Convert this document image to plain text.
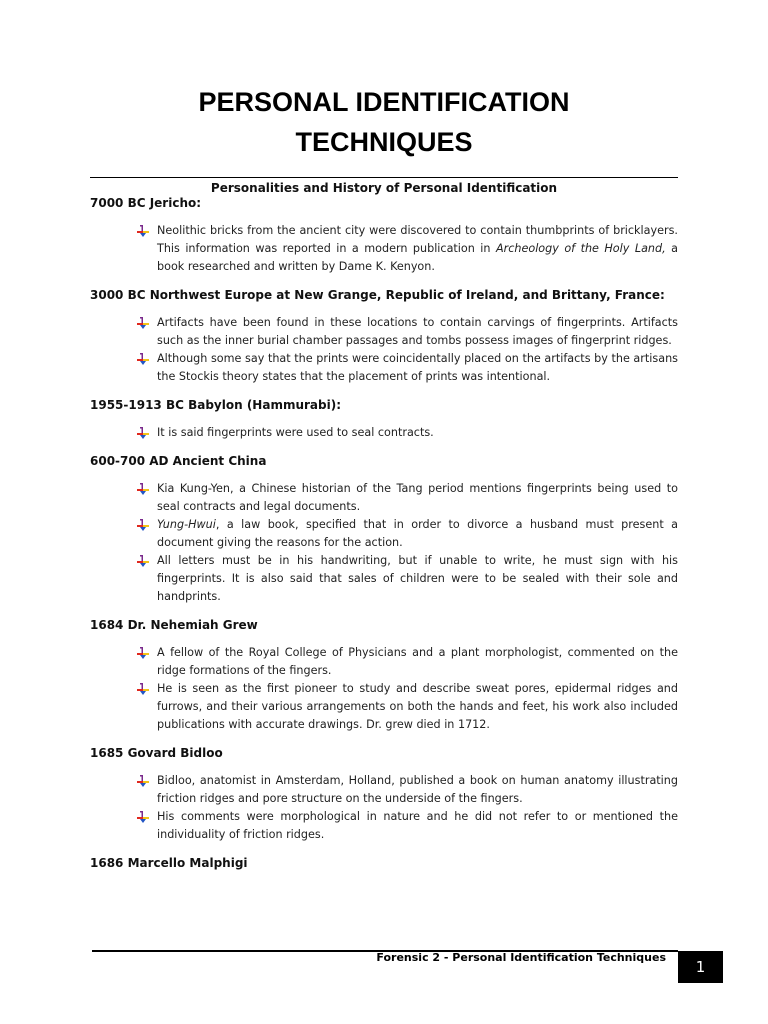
PERSONAL IDENTIFICATION
TECHNIQUES
Personalities and History of Personal Identification
7000 BC Jericho:
Neolithic bricks from the ancient city were discovered to contain thumbprints of bricklayers. This information was reported in a modern publication in Archeology of the Holy Land, a book researched and written by Dame K. Kenyon.
3000 BC Northwest Europe at New Grange, Republic of Ireland, and Brittany, France:
Artifacts have been found in these locations to contain carvings of fingerprints. Artifacts such as the inner burial chamber passages and tombs possess images of fingerprint ridges.
Although some say that the prints were coincidentally placed on the artifacts by the artisans the Stockis theory states that the placement of prints was intentional.
1955-1913 BC Babylon (Hammurabi):
It is said fingerprints were used to seal contracts.
600-700 AD Ancient China
Kia Kung-Yen, a Chinese historian of the Tang period mentions fingerprints being used to seal contracts and legal documents.
Yung-Hwui, a law book, specified that in order to divorce a husband must present a document giving the reasons for the action.
All letters must be in his handwriting, but if unable to write, he must sign with his fingerprints. It is also said that sales of children were to be sealed with their sole and handprints.
1684 Dr. Nehemiah Grew
A fellow of the Royal College of Physicians and a plant morphologist, commented on the ridge formations of the fingers.
He is seen as the first pioneer to study and describe sweat pores, epidermal ridges and furrows, and their various arrangements on both the hands and feet, his work also included publications with accurate drawings. Dr. grew died in 1712.
1685 Govard Bidloo
Bidloo, anatomist in Amsterdam, Holland, published a book on human anatomy illustrating friction ridges and pore structure on the underside of the fingers.
His comments were morphological in nature and he did not refer to or mentioned the individuality of friction ridges.
1686 Marcello Malphigi
Forensic 2 - Personal Identification Techniques
1
